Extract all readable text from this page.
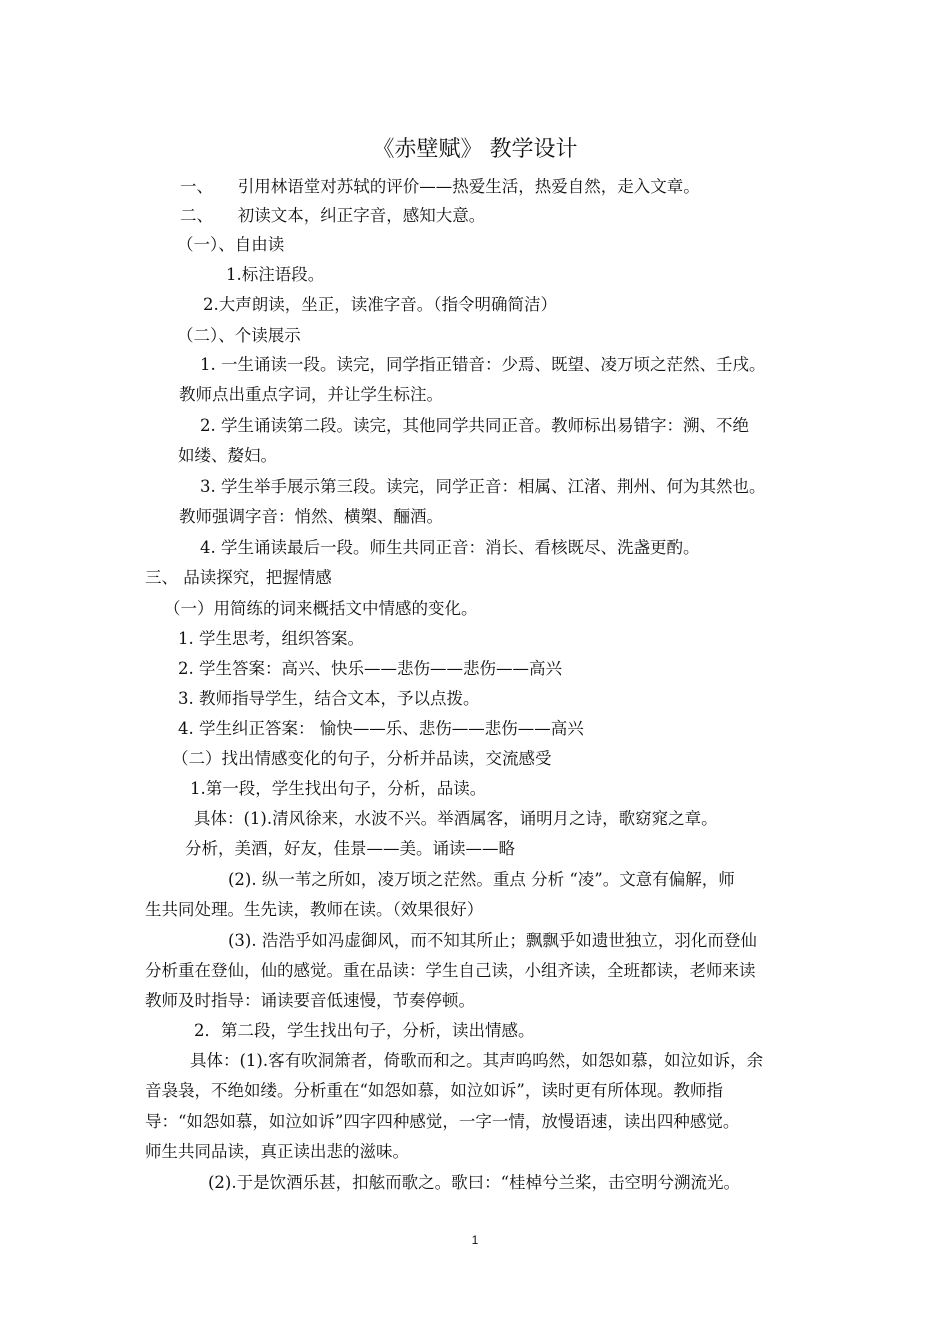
《赤壁赋》 教学设计
一、　　引用林语堂对苏轼的评价——热爱生活，热爱自然，走入文章。
二、　　初读文本，纠正字音，感知大意。
（一）、自由读
1.标注语段。
2.大声朗读，坐正，读准字音。（指令明确简洁）
（二）、个读展示
1. 一生诵读一段。读完，同学指正错音：少焉、既望、凌万顷之茫然、壬戌。
教师点出重点字词，并让学生标注。
2. 学生诵读第二段。读完，其他同学共同正音。教师标出易错字：溯、不绝
如缕、嫠妇。
3. 学生举手展示第三段。读完，同学正音：相属、江渚、荆州、何为其然也。
教师强调字音：悄然、横槊、酾酒。
4. 学生诵读最后一段。师生共同正音：消长、看核既尽、洗盏更酌。
三、 品读探究，把握情感
（一）用简练的词来概括文中情感的变化。
1. 学生思考，组织答案。
2. 学生答案：高兴、快乐——悲伤——悲伤——高兴
3. 教师指导学生，结合文本，予以点拨。
4. 学生纠正答案： 愉快——乐、悲伤——悲伤——高兴
（二）找出情感变化的句子，分析并品读，交流感受
1.第一段，学生找出句子，分析，品读。
具体：(1).清风徐来，水波不兴。举酒属客，诵明月之诗，歌窈窕之章。
分析，美酒，好友，佳景——美。诵读——略
(2). 纵一苇之所如，凌万顷之茫然。重点 分析 “凌”。文意有偏解，师
生共同处理。生先读，教师在读。（效果很好）
(3). 浩浩乎如冯虚御风，而不知其所止；飘飘乎如遗世独立，羽化而登仙
分析重在登仙，仙的感觉。重在品读：学生自己读，小组齐读，全班都读，老师来读
教师及时指导：诵读要音低速慢，节奏停顿。
2．第二段，学生找出句子，分析，读出情感。
具体：(1).客有吹洞箫者，倚歌而和之。其声呜呜然，如怨如慕，如泣如诉，余
音袅袅，不绝如缕。分析重在“如怨如慕，如泣如诉”，读时更有所体现。教师指
导：“如怨如慕，如泣如诉”四字四种感觉，一字一情，放慢语速，读出四种感觉。
师生共同品读，真正读出悲的滋味。
(2).于是饮酒乐甚，扣舷而歌之。歌曰：“桂棹兮兰桨，击空明兮溯流光。
1
